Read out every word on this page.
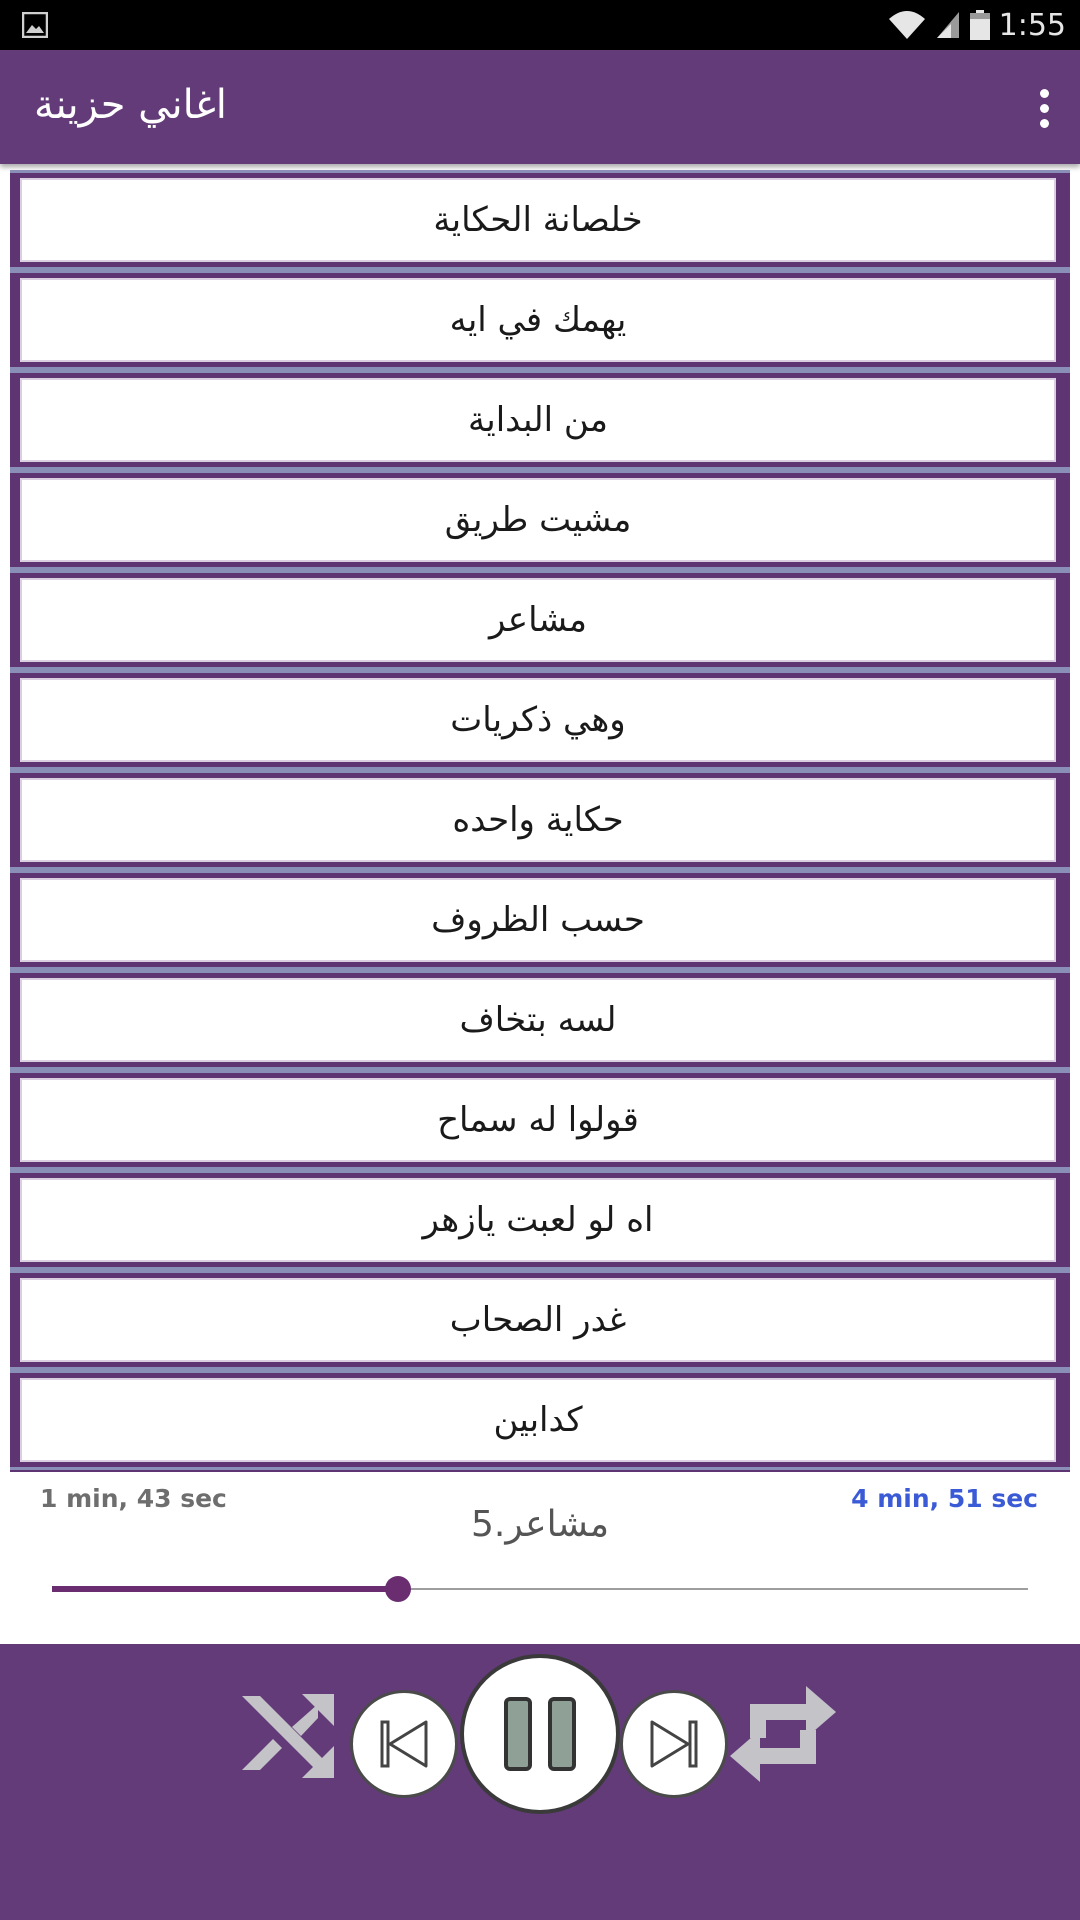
1:55
اغاني حزينة
خلصانة الحكاية
يهمك في ايه
من البداية
مشيت طريق
مشاعر
وهي ذكريات
حكاية واحده
حسب الظروف
لسه بتخاف
قولوا له سماح
اه لو لعبت يازهر
غدر الصحاب
كدابين
1 min, 43 sec	4 min, 51 sec
5.مشاعر
